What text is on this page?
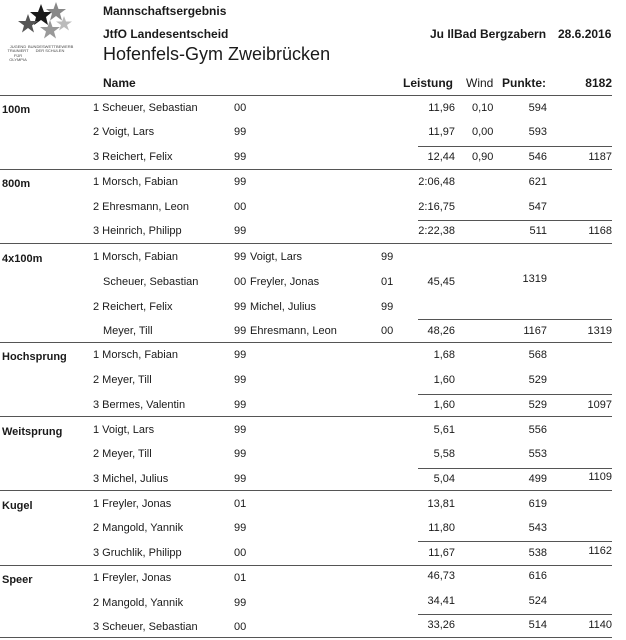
JUGEND
TRAINIERT
FÜR
OLYMPIA
BUNDESWETTBEWERB
DER SCHULEN
Mannschaftsergebnis
JtfO Landesentscheid	Ju IlBad Bergzabern 28.6.2016
Hofenfels-Gym Zweibrücken
Name	Leistung Wind Punkte:	8182
100m	1 Scheuer, Sebastian	00	11,96 0,10	594
2 Voigt, Lars	99	11,97 0,00	593
3 Reichert, Felix	99	12,44 0,90	546	1187
800m	1 Morsch, Fabian	99	2:06,48	621
2 Ehresmann, Leon	00	2:16,75	547
3 Heinrich, Philipp	99	2:22,38	511	1168
4x100m	1 Morsch, Fabian	99 Voigt, Lars	99
Scheuer, Sebastian	00 Freyler, Jonas	01	45,45	1319
2 Reichert, Felix	99 Michel, Julius	99
Meyer, Till	99 Ehresmann, Leon	00	48,26	1167	1319
Hochsprung 1 Morsch, Fabian	99	1,68	568
2 Meyer, Till	99	1,60	529
3 Bermes, Valentin	99	1,60	529	1097
Weitsprung	1 Voigt, Lars	99	5,61	556
2 Meyer, Till	99	5,58	553
3 Michel, Julius	99	5,04	499	1109
Kugel	1 Freyler, Jonas	01	13,81	619
2 Mangold, Yannik	99	11,80	543
3 Gruchlik, Philipp	00	11,67	538	1162
Speer	1 Freyler, Jonas	01	46,73	616
2 Mangold, Yannik	99	34,41	524
3 Scheuer, Sebastian	00	33,26	514	1140
